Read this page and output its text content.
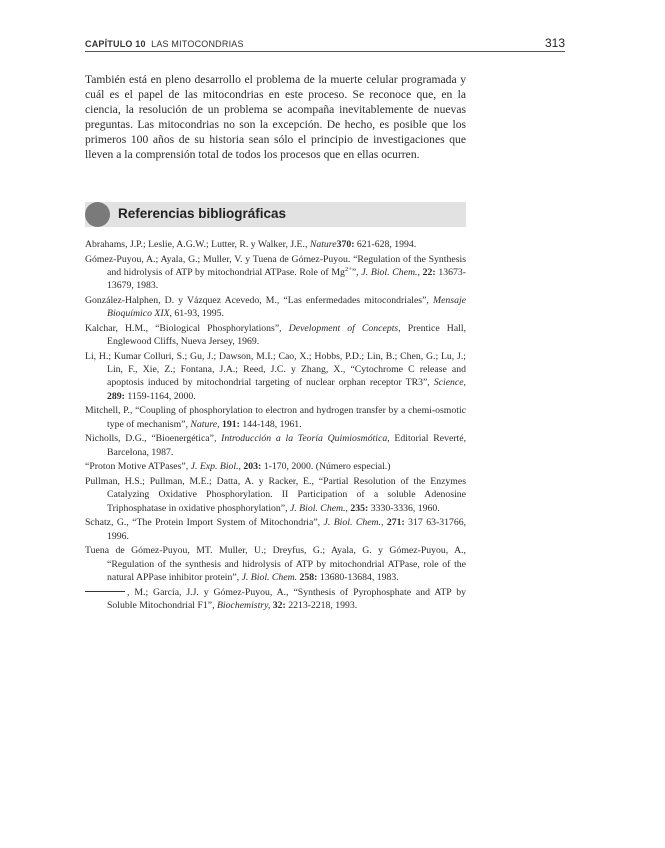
CAPÍTULO 10 LAS MITOCONDRIAS	313

También está en pleno desarrollo el problema de la muerte celular programada y cuál es el papel de las mitocondrias en este proceso. Se reconoce que, en la ciencia, la resolución de un problema se acompaña inevitablemente de nuevas preguntas. Las mitocondrias no son la excepción. De hecho, es posible que los primeros 100 años de su historia sean sólo el principio de investigaciones que lleven a la comprensión total de todos los procesos que en ellas ocurren.

Referencias bibliográficas
Abrahams, J.P.; Leslie, A.G.W.; Lutter, R. y Walker, J.E., Nature370: 621-628, 1994.
Gómez-Puyou, A.; Ayala, G.; Muller, V. y Tuena de Gómez-Puyou. “Regulation of the Synthesis and hidrolysis of ATP by mitochondrial ATPase. Role of $Mg^{2+}$”, J. Biol. Chem., 22: 13673-13679, 1983.
González-Halphen, D. y Vázquez Acevedo, M., “Las enfermedades mitocondriales”, Mensaje Bioquímico XIX, 61-93, 1995.
Kalchar, H.M., “Biological Phosphorylations”, Development of Concepts, Prentice Hall, Englewood Cliffs, Nueva Jersey, 1969.
Li, H.; Kumar Colluri, S.; Gu, J.; Dawson, M.I.; Cao, X.; Hobbs, P.D.; Lin, B.; Chen, G.; Lu, J.; Lin, F., Xie, Z.; Fontana, J.A.; Reed, J.C. y Zhang, X., “Cytochrome C release and apoptosis induced by mitochondrial targeting of nuclear orphan receptor TR3”, Science, 289: 1159-1164, 2000.
Mitchell, P., “Coupling of phosphorylation to electron and hydrogen transfer by a chemi-osmotic type of mechanism”, Nature, 191: 144-148, 1961.
Nicholls, D.G., “Bioenergética”, Introducción a la Teoría Quimiosmótica, Editorial Reverté, Barcelona, 1987.
“Proton Motive ATPases”, J. Exp. Biol., 203: 1-170, 2000. (Número especial.)
Pullman, H.S.; Pullman, M.E.; Datta, A. y Racker, E., “Partial Resolution of the Enzymes Catalyzing Oxidative Phosphorylation. II Participation of a soluble Adenosine Triphosphatase in oxidative phosphorylation”, J. Biol. Chem., 235: 3330-3336, 1960.
Schatz, G., “The Protein Import System of Mitochondria”, J. Biol. Chem., 271: 317 63-31766, 1996.
Tuena de Gómez-Puyou, MT. Muller, U.; Dreyfus, G.; Ayala, G. y Gómez-Puyou, A., “Regulation of the synthesis and hidrolysis of ATP by mitochondrial ATPase, role of the natural APPase inhibitor protein”, J. Biol. Chem. 258: 13680-13684, 1983.
, M.; García, J.J. y Gómez-Puyou, A., “Synthesis of Pyrophosphate and ATP by Soluble Mitochondrial F1”, Biochemistry, 32: 2213-2218, 1993.
